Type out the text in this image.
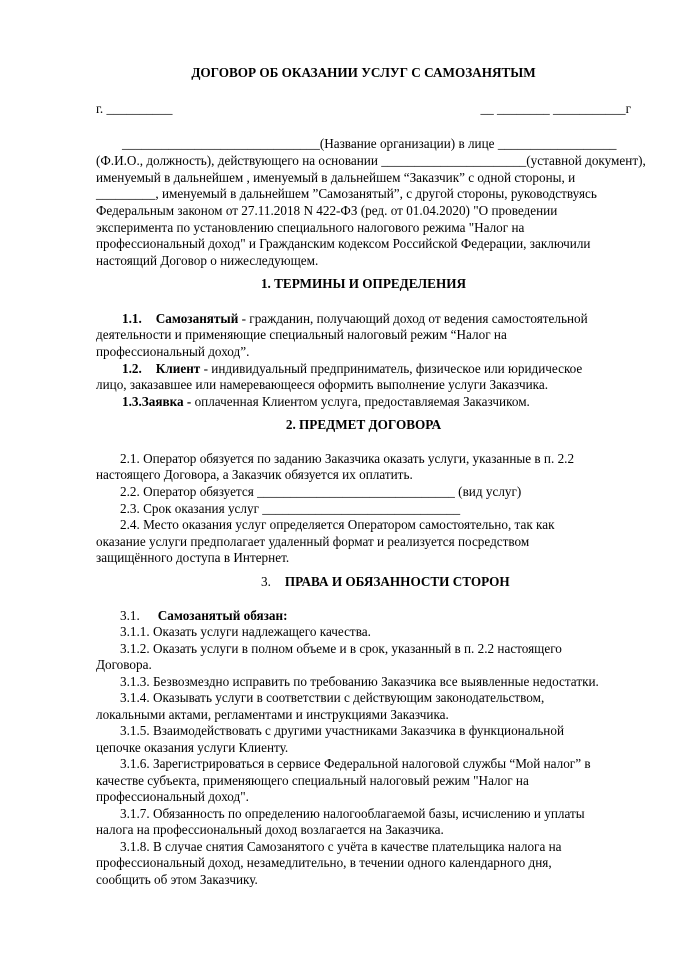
ДОГОВОР ОБ ОКАЗАНИИ УСЛУГ С САМОЗАНЯТЫМ
г. __________	__ ________ ___________г
______________________________(Название организации) в лице __________________
(Ф.И.О., должность), действующего на основании ______________________(уставной документ),
именуемый в дальнейшем , именуемый в дальнейшем “Заказчик” с одной стороны, и
_________, именуемый в дальнейшем ”Самозанятый”, с другой стороны, руководствуясь
Федеральным законом от 27.11.2018 N 422-ФЗ (ред. от 01.04.2020) "О проведении
эксперимента по установлению специального налогового режима "Налог на
профессиональный доход" и Гражданским кодексом Российской Федерации, заключили
настоящий Договор о нижеследующем.
1. ТЕРМИНЫ И ОПРЕДЕЛЕНИЯ
1.1. Самозанятый - гражданин, получающий доход от ведения самостоятельной
деятельности и применяющие специальный налоговый режим “Налог на
профессиональный доход”.
1.2. Клиент - индивидуальный предприниматель, физическое или юридическое
лицо, заказавшее или намеревающееся оформить выполнение услуги Заказчика.
1.3.Заявка - оплаченная Клиентом услуга, предоставляемая Заказчиком.
2. ПРЕДМЕТ ДОГОВОРА
2.1. Оператор обязуется по заданию Заказчика оказать услуги, указанные в п. 2.2
настоящего Договора, а Заказчик обязуется их оплатить.
2.2. Оператор обязуется ______________________________ (вид услуг)
2.3. Срок оказания услуг ______________________________
2.4. Место оказания услуг определяется Оператором самостоятельно, так как
оказание услуги предполагает удаленный формат и реализуется посредством
защищённого доступа в Интернет.
3. ПРАВА И ОБЯЗАННОСТИ СТОРОН
3.1. Самозанятый обязан:
3.1.1. Оказать услуги надлежащего качества.
3.1.2. Оказать услуги в полном объеме и в срок, указанный в п. 2.2 настоящего
Договора.
3.1.3. Безвозмездно исправить по требованию Заказчика все выявленные недостатки.
3.1.4. Оказывать услуги в соответствии с действующим законодательством,
локальными актами, регламентами и инструкциями Заказчика.
3.1.5. Взаимодействовать с другими участниками Заказчика в функциональной
цепочке оказания услуги Клиенту.
3.1.6. Зарегистрироваться в сервисе Федеральной налоговой службы “Мой налог” в
качестве субъекта, применяющего специальный налоговый режим "Налог на
профессиональный доход".
3.1.7. Обязанность по определению налогооблагаемой базы, исчислению и уплаты
налога на профессиональный доход возлагается на Заказчика.
3.1.8. В случае снятия Самозанятого с учёта в качестве плательщика налога на
профессиональный доход, незамедлительно, в течении одного календарного дня,
сообщить об этом Заказчику.
